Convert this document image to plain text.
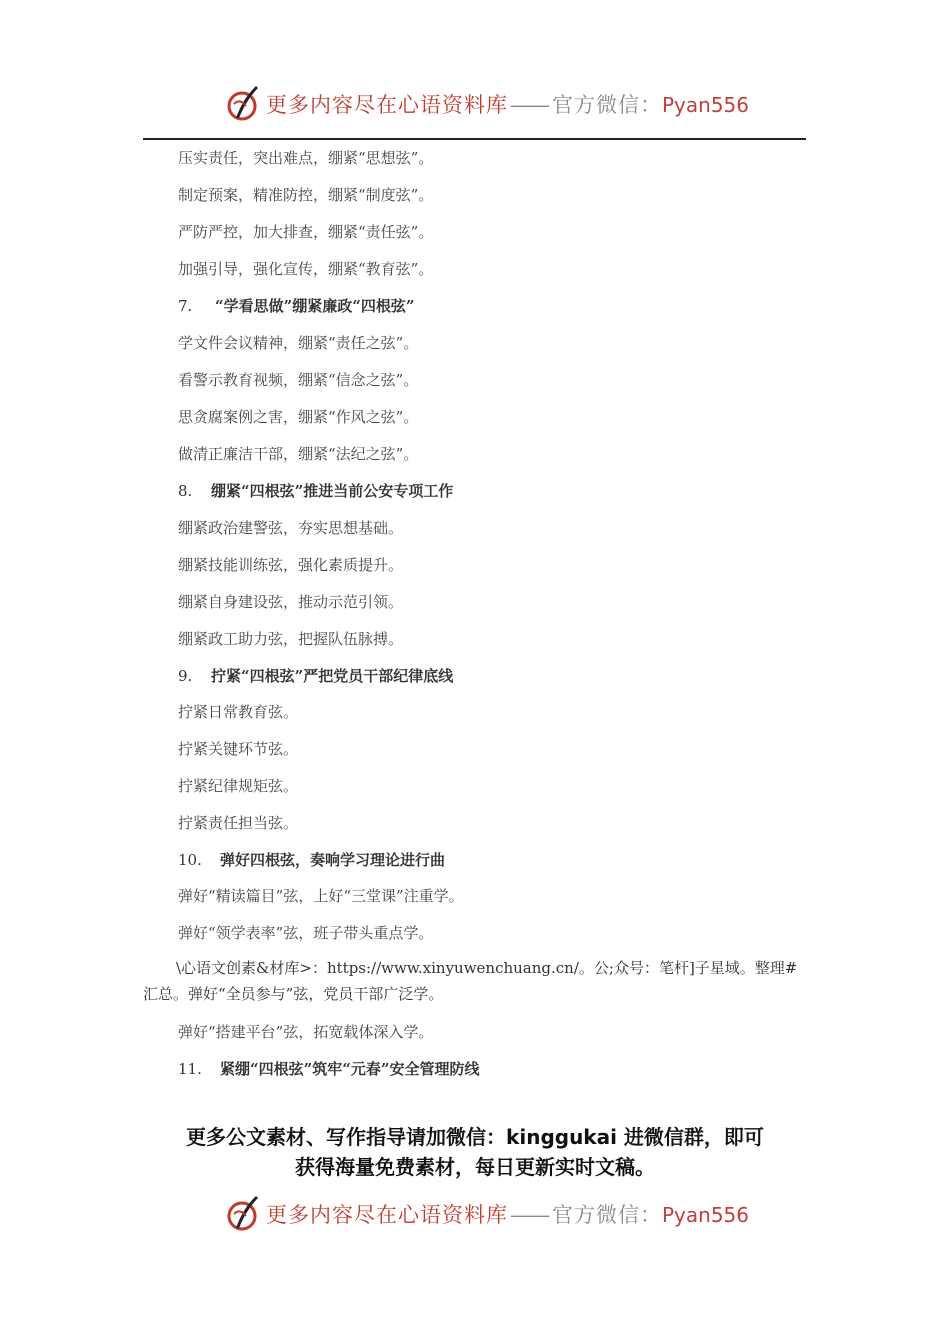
更多内容尽在心语资料库—— 官方微信：Pyan556
压实责任，突出难点，绷紧“思想弦”。
制定预案，精准防控，绷紧“制度弦”。
严防严控，加大排查，绷紧“责任弦”。
加强引导，强化宣传，绷紧“教育弦”。
7. “学看思做”绷紧廉政“四根弦”
学文件会议精神，绷紧“责任之弦”。
看警示教育视频，绷紧“信念之弦”。
思贪腐案例之害，绷紧“作风之弦”。
做清正廉洁干部，绷紧“法纪之弦”。
8. 绷紧“四根弦”推进当前公安专项工作
绷紧政治建警弦，夯实思想基础。
绷紧技能训练弦，强化素质提升。
绷紧自身建设弦，推动示范引领。
绷紧政工助力弦，把握队伍脉搏。
9. 拧紧“四根弦”严把党员干部纪律底线
拧紧日常教育弦。
拧紧关键环节弦。
拧紧纪律规矩弦。
拧紧责任担当弦。
10. 弹好四根弦，奏响学习理论进行曲
弹好“精读篇目”弦，上好“三堂课”注重学。
弹好“领学表率”弦，班子带头重点学。
\心语文创素&材库>：https://www.xinyuwenchuang.cn/。公;众号：笔杆]子星域。整理#
汇总。弹好“全员参与”弦，党员干部广泛学。
弹好“搭建平台”弦，拓宽载体深入学。
11. 紧绷“四根弦”筑牢“元春”安全管理防线
更多公文素材、写作指导请加微信：kinggukai 进微信群，即可
获得海量免费素材，每日更新实时文稿。
更多内容尽在心语资料库—— 官方微信：Pyan556
